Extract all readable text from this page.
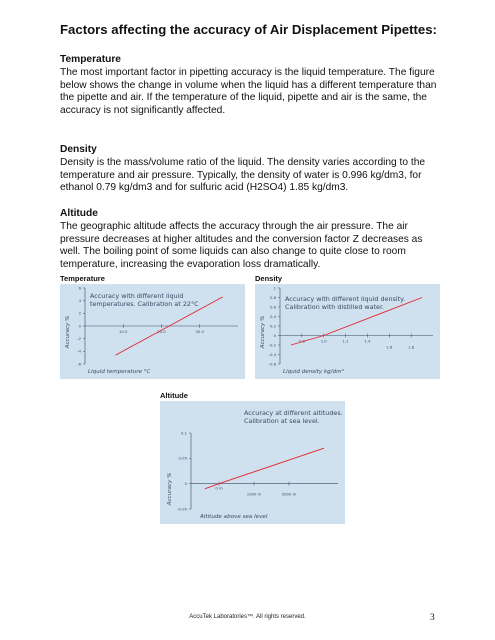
Factors affecting the accuracy of Air Displacement Pipettes:
Temperature

The most important factor in pipetting accuracy is the liquid temperature. The figure below shows the change in volume when the liquid has a different temperature than the pipette and air. If the temperature of the liquid, pipette and air is the same, the accuracy is not significantly affected.

Density

Density is the mass/volume ratio of the liquid. The density varies according to the temperature and air pressure. Typically, the density of water is 0.996 kg/dm3, for ethanol 0.79 kg/dm3 and for sulfuric acid (H2SO4) 1.85 kg/dm3.

Altitude

The geographic altitude affects the accuracy through the air pressure. The air pressure decreases at higher altitudes and the conversion factor Z decreases as well. The boiling point of some liquids can also change to quite close to room temperature, increasing the evaporation loss dramatically.

Temperature
Accuracy with different liquid
temperatures. Calibration at 22°C
6
4
2
0
-2
-4
-6
10.0	20.0	30.0
Accuracy %
Liquid temperature °C
Density
Accuracy with different liquid density.
Calibration with distilled water.
1
0.8
0.6
0.4
0.2
0
-0.2
-0.4
-0.6
0.8	1.0	1.2	1.4
1.6	1.8
Accuracy %
Liquid density kg/dm³
Altitude
Accuracy at different altitudes.
Calibration at sea level.
0.1
0.05
0
-0.05
0 m
1000 m	2000 m
Accuracy %
Altitude above sea level
AccuTek Laboratories™. All rights reserved.	3
